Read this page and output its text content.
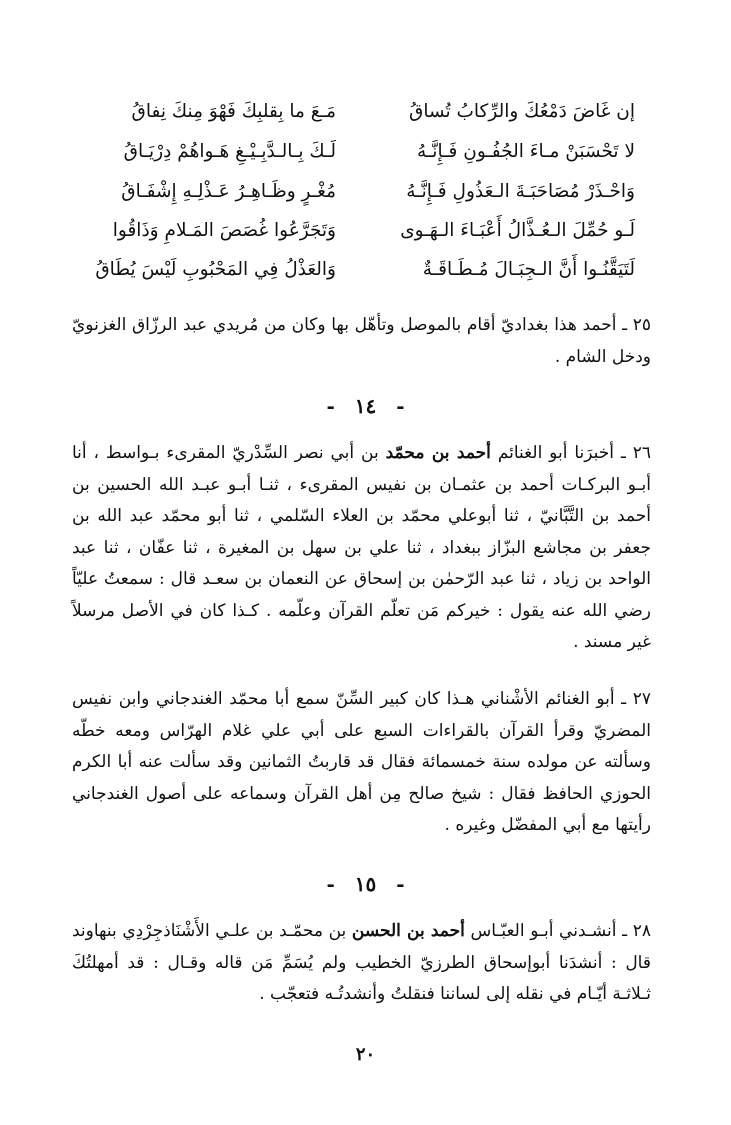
إن غَاضَ دَمْعُكَ والرِّكابُ تُساقُ
مَـعَ ما بِقلبِكَ فَهْوَ مِنكَ نِفاقُ
لا تَحْسَبَنْ مـاءَ الجُفُـونِ فَـإِنَّـهُ
لَـكَ بِـالـدَّبِـيْـغِ هَـواهُمْ دِرْيَـاقُ
وَاحْـذَرْ مُصَاحَبَـةَ الـعَذُولِ فَـإِنَّـهُ
مُغْـرٍ وظَـاهِـرُ عَـذْلِـهِ إِشْفَـاقُ
لَـو حُمِّلَ الـعُـذَّالُ أَعْبَـاءَ الـهَـوى
وَتَجَرَّعُوا غُصَصَ المَـلامِ وَذَاقُوا
لَتَيَقَّنُـوا أَنَّ الـجِبَـالَ مُـطَـاقَـةٌ
وَالعَذْلُ فِي المَحْبُوبِ لَيْسَ يُطَاقُ
٢٥ ـ أحمد هذا بغداديّ أقام بالموصل وتأهّل بها وكان من مُريدي عبد الرزّاق الغزنويّ ودخل الشام .
- ١٤ -
٢٦ ـ أخبرَنا أبو الغنائم أحمد بن محمّد بن أبي نصر السِّدْريّ المقرىء بـواسط ، أنا أبـو البركـات أحمد بن عثمـان بن نفيس المقرىء ، ثنـا أبـو عبـد الله الحسين بن أحمد بن التَّبَّانيّ ، ثنا أبوعلي محمّد بن العلاء السّلمي ، ثنا أبو محمّد عبد الله بن جعفر بن مجاشع البزّاز ببغداد ، ثنا علي بن سهل بن المغيرة ، ثنا عفّان ، ثنا عبد الواحد بن زياد ، ثنا عبد الرّحمٰن بن إسحاق عن النعمان بن سعـد قال : سمعتُ عليّاً رضي الله عنه يقول : خيركم مَن تعلّم القرآن وعلّمه . كـذا كان في الأصل مرسلاً غير مسند .
٢٧ ـ أبو الغنائم الأشْناني هـذا كان كبير السِّنّ سمع أبا محمّد الغندجاني وابن نفيس المضريّ وقرأ القرآن بالقراءات السبع على أبي علي غلام الهرّاس ومعه خطّه وسألته عن مولده سنة خمسمائة فقال قد قاربتُ الثمانين وقد سألت عنه أبا الكرم الحوزي الحافظ فقال : شيخ صالح مِن أهل القرآن وسماعه على أصول الغندجاني رأيتها مع أبي المفضّل وغيره .
- ١٥ -
٢٨ ـ أنشـدني أبـو العبّـاس أحمد بن الحسن بن محمّـد بن علـي الأَشْنَاذجِرْدِي بنهاوند قال : أنشدَنا أبوإسحاق الطرزيّ الخطيب ولم يُسَمِّ مَن قاله وقـال : قد أمهلتُكَ ثـلاثـة أيّـام في نقله إلى لساننا فنقلتُ وأنشدتُـه فتعجّب .
٢٠
